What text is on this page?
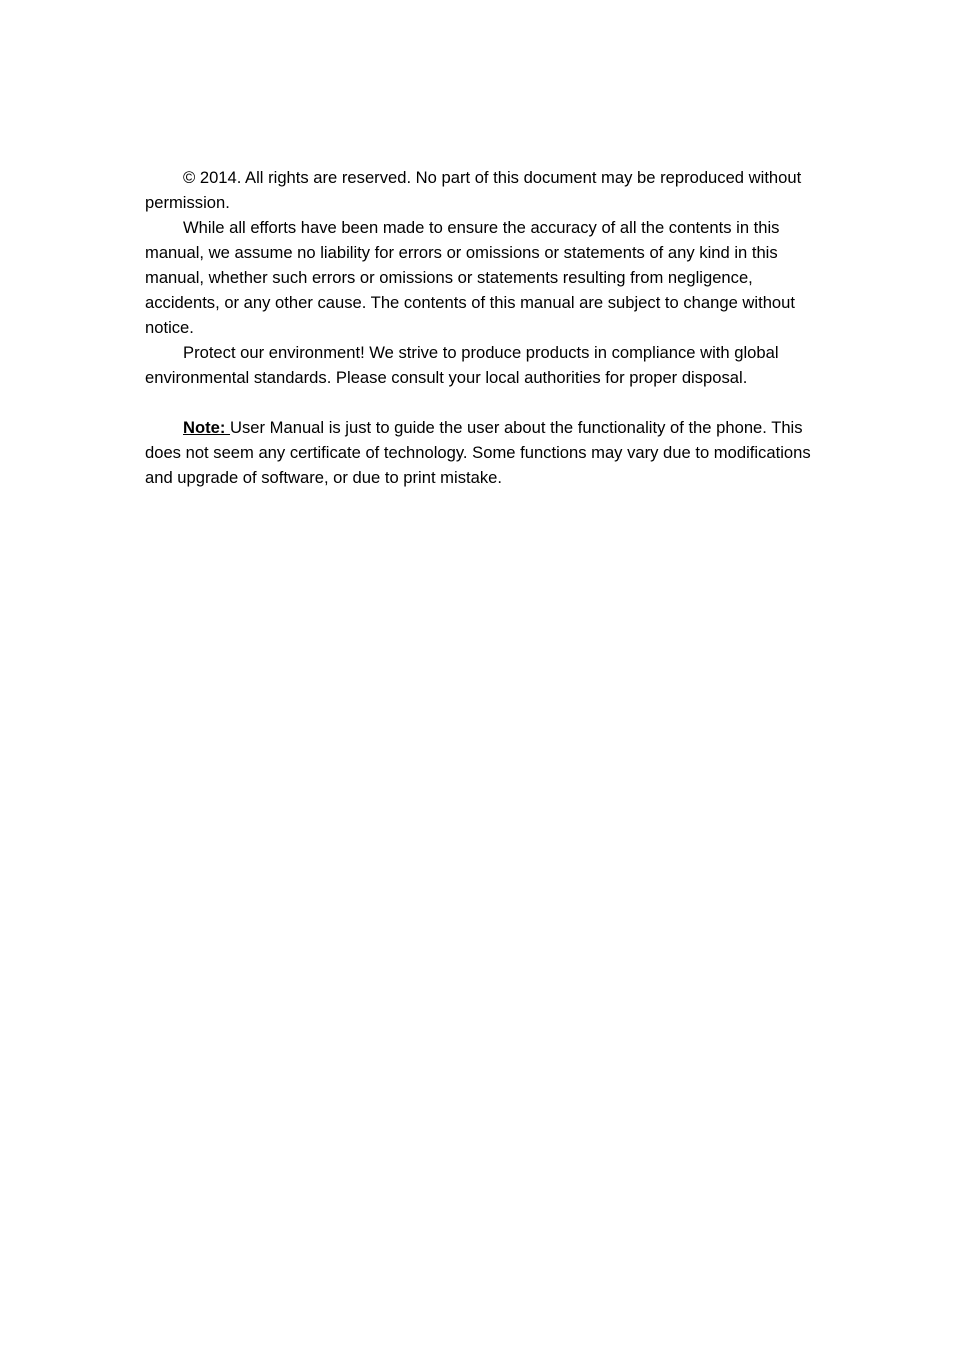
© 2014. All rights are reserved. No part of this document may be reproduced without permission.

While all efforts have been made to ensure the accuracy of all the contents in this manual, we assume no liability for errors or omissions or statements of any kind in this manual, whether such errors or omissions or statements resulting from negligence, accidents, or any other cause. The contents of this manual are subject to change without notice.

Protect our environment! We strive to produce products in compliance with global environmental standards. Please consult your local authorities for proper disposal.

Note: User Manual is just to guide the user about the functionality of the phone. This does not seem any certificate of technology. Some functions may vary due to modifications and upgrade of software, or due to print mistake.
